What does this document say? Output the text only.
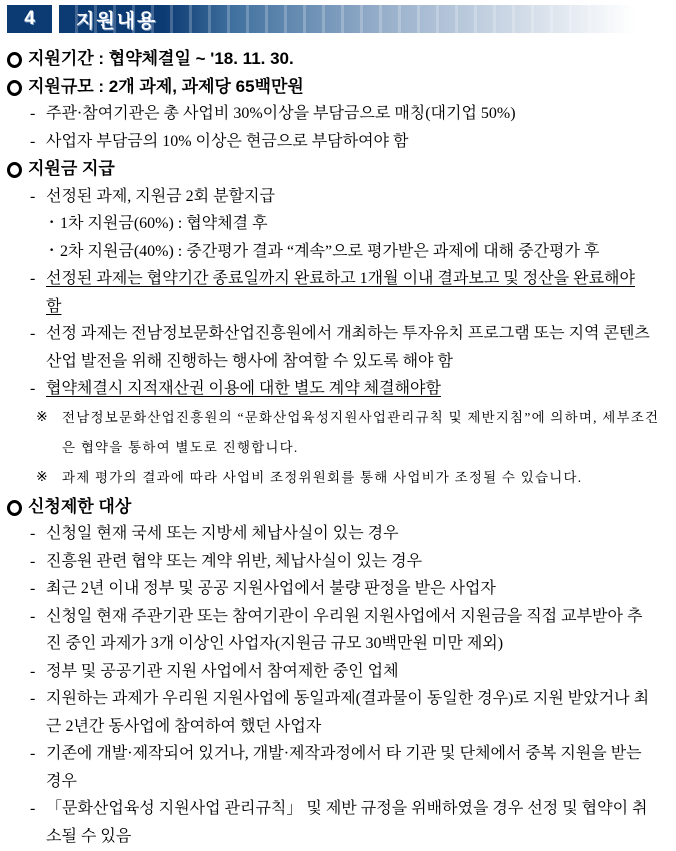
4	지원내용
지원기간 : 협약체결일 ~ '18. 11. 30.
지원규모 : 2개 과제, 과제당 65백만원
- 주관·참여기관은 총 사업비 30%이상을 부담금으로 매칭(대기업 50%)
- 사업자 부담금의 10% 이상은 현금으로 부담하여야 함
지원금 지급
- 선정된 과제, 지원금 2회 분할지급
· 1차 지원금(60%) : 협약체결 후
· 2차 지원금(40%) : 중간평가 결과 “계속”으로 평가받은 과제에 대해 중간평가 후
- 선정된 과제는 협약기간 종료일까지 완료하고 1개월 이내 결과보고 및 정산을 완료해야 함
- 선정 과제는 전남정보문화산업진흥원에서 개최하는 투자유치 프로그램 또는 지역 콘텐츠산업 발전을 위해 진행하는 행사에 참여할 수 있도록 해야 함
- 협약체결시 지적재산권 이용에 대한 별도 계약 체결해야함
※ 전남정보문화산업진흥원의 “문화산업육성지원사업관리규칙 및 제반지침”에 의하며, 세부조건은 협약을 통하여 별도로 진행합니다.
※ 과제 평가의 결과에 따라 사업비 조정위원회를 통해 사업비가 조정될 수 있습니다.
신청제한 대상
- 신청일 현재 국세 또는 지방세 체납사실이 있는 경우
- 진흥원 관련 협약 또는 계약 위반, 체납사실이 있는 경우
- 최근 2년 이내 정부 및 공공 지원사업에서 불량 판정을 받은 사업자
- 신청일 현재 주관기관 또는 참여기관이 우리원 지원사업에서 지원금을 직접 교부받아 추진 중인 과제가 3개 이상인 사업자(지원금 규모 30백만원 미만 제외)
- 정부 및 공공기관 지원 사업에서 참여제한 중인 업체
- 지원하는 과제가 우리원 지원사업에 동일과제(결과물이 동일한 경우)로 지원 받았거나 최근 2년간 동사업에 참여하여 했던 사업자
- 기존에 개발·제작되어 있거나, 개발·제작과정에서 타 기관 및 단체에서 중복 지원을 받는 경우
- 「문화산업육성 지원사업 관리규칙」 및 제반 규정을 위배하였을 경우 선정 및 협약이 취소될 수 있음
